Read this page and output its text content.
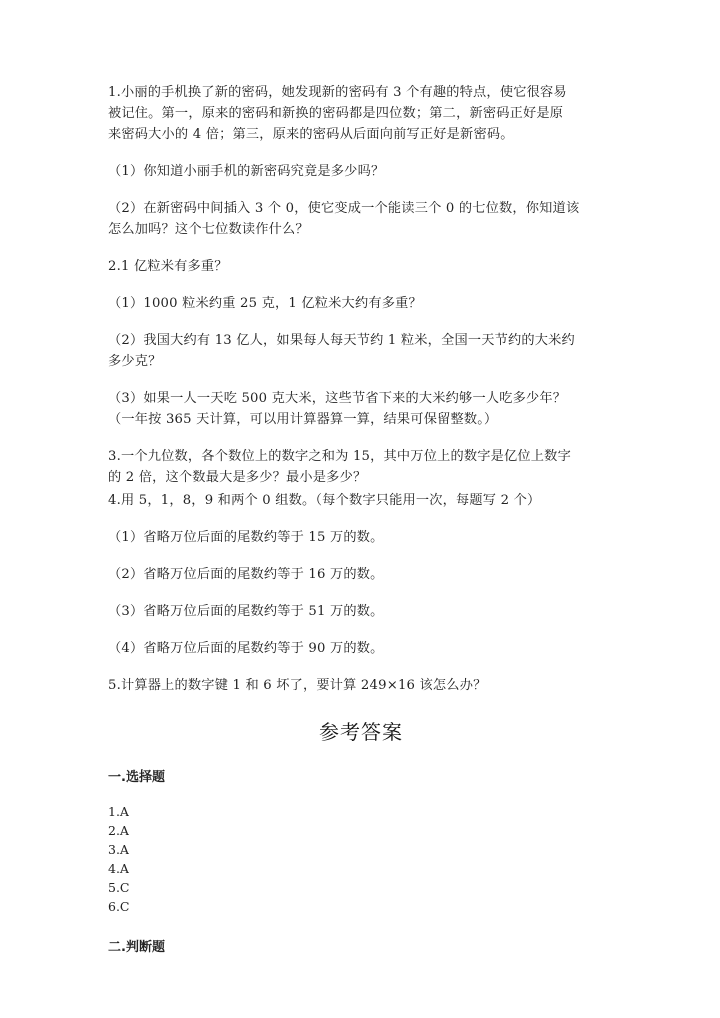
1.小丽的手机换了新的密码，她发现新的密码有 3 个有趣的特点，使它很容易
被记住。第一，原来的密码和新换的密码都是四位数；第二，新密码正好是原
来密码大小的 4 倍；第三，原来的密码从后面向前写正好是新密码。
（1）你知道小丽手机的新密码究竟是多少吗？
（2）在新密码中间插入 3 个 0，使它变成一个能读三个 0 的七位数，你知道该
怎么加吗？这个七位数读作什么？
2.1 亿粒米有多重？
（1）1000 粒米约重 25 克，1 亿粒米大约有多重？
（2）我国大约有 13 亿人，如果每人每天节约 1 粒米，全国一天节约的大米约
多少克？
（3）如果一人一天吃 500 克大米，这些节省下来的大米约够一人吃多少年？
（一年按 365 天计算，可以用计算器算一算，结果可保留整数。）
3.一个九位数，各个数位上的数字之和为 15，其中万位上的数字是亿位上数字
的 2 倍，这个数最大是多少？最小是多少？
4.用 5，1，8，9 和两个 0 组数。（每个数字只能用一次，每题写 2 个）
（1）省略万位后面的尾数约等于 15 万的数。
（2）省略万位后面的尾数约等于 16 万的数。
（3）省略万位后面的尾数约等于 51 万的数。
（4）省略万位后面的尾数约等于 90 万的数。
5.计算器上的数字键 1 和 6 坏了，要计算 249×16 该怎么办？
参考答案
一.选择题
1.A
2.A
3.A
4.A
5.C
6.C
二.判断题
